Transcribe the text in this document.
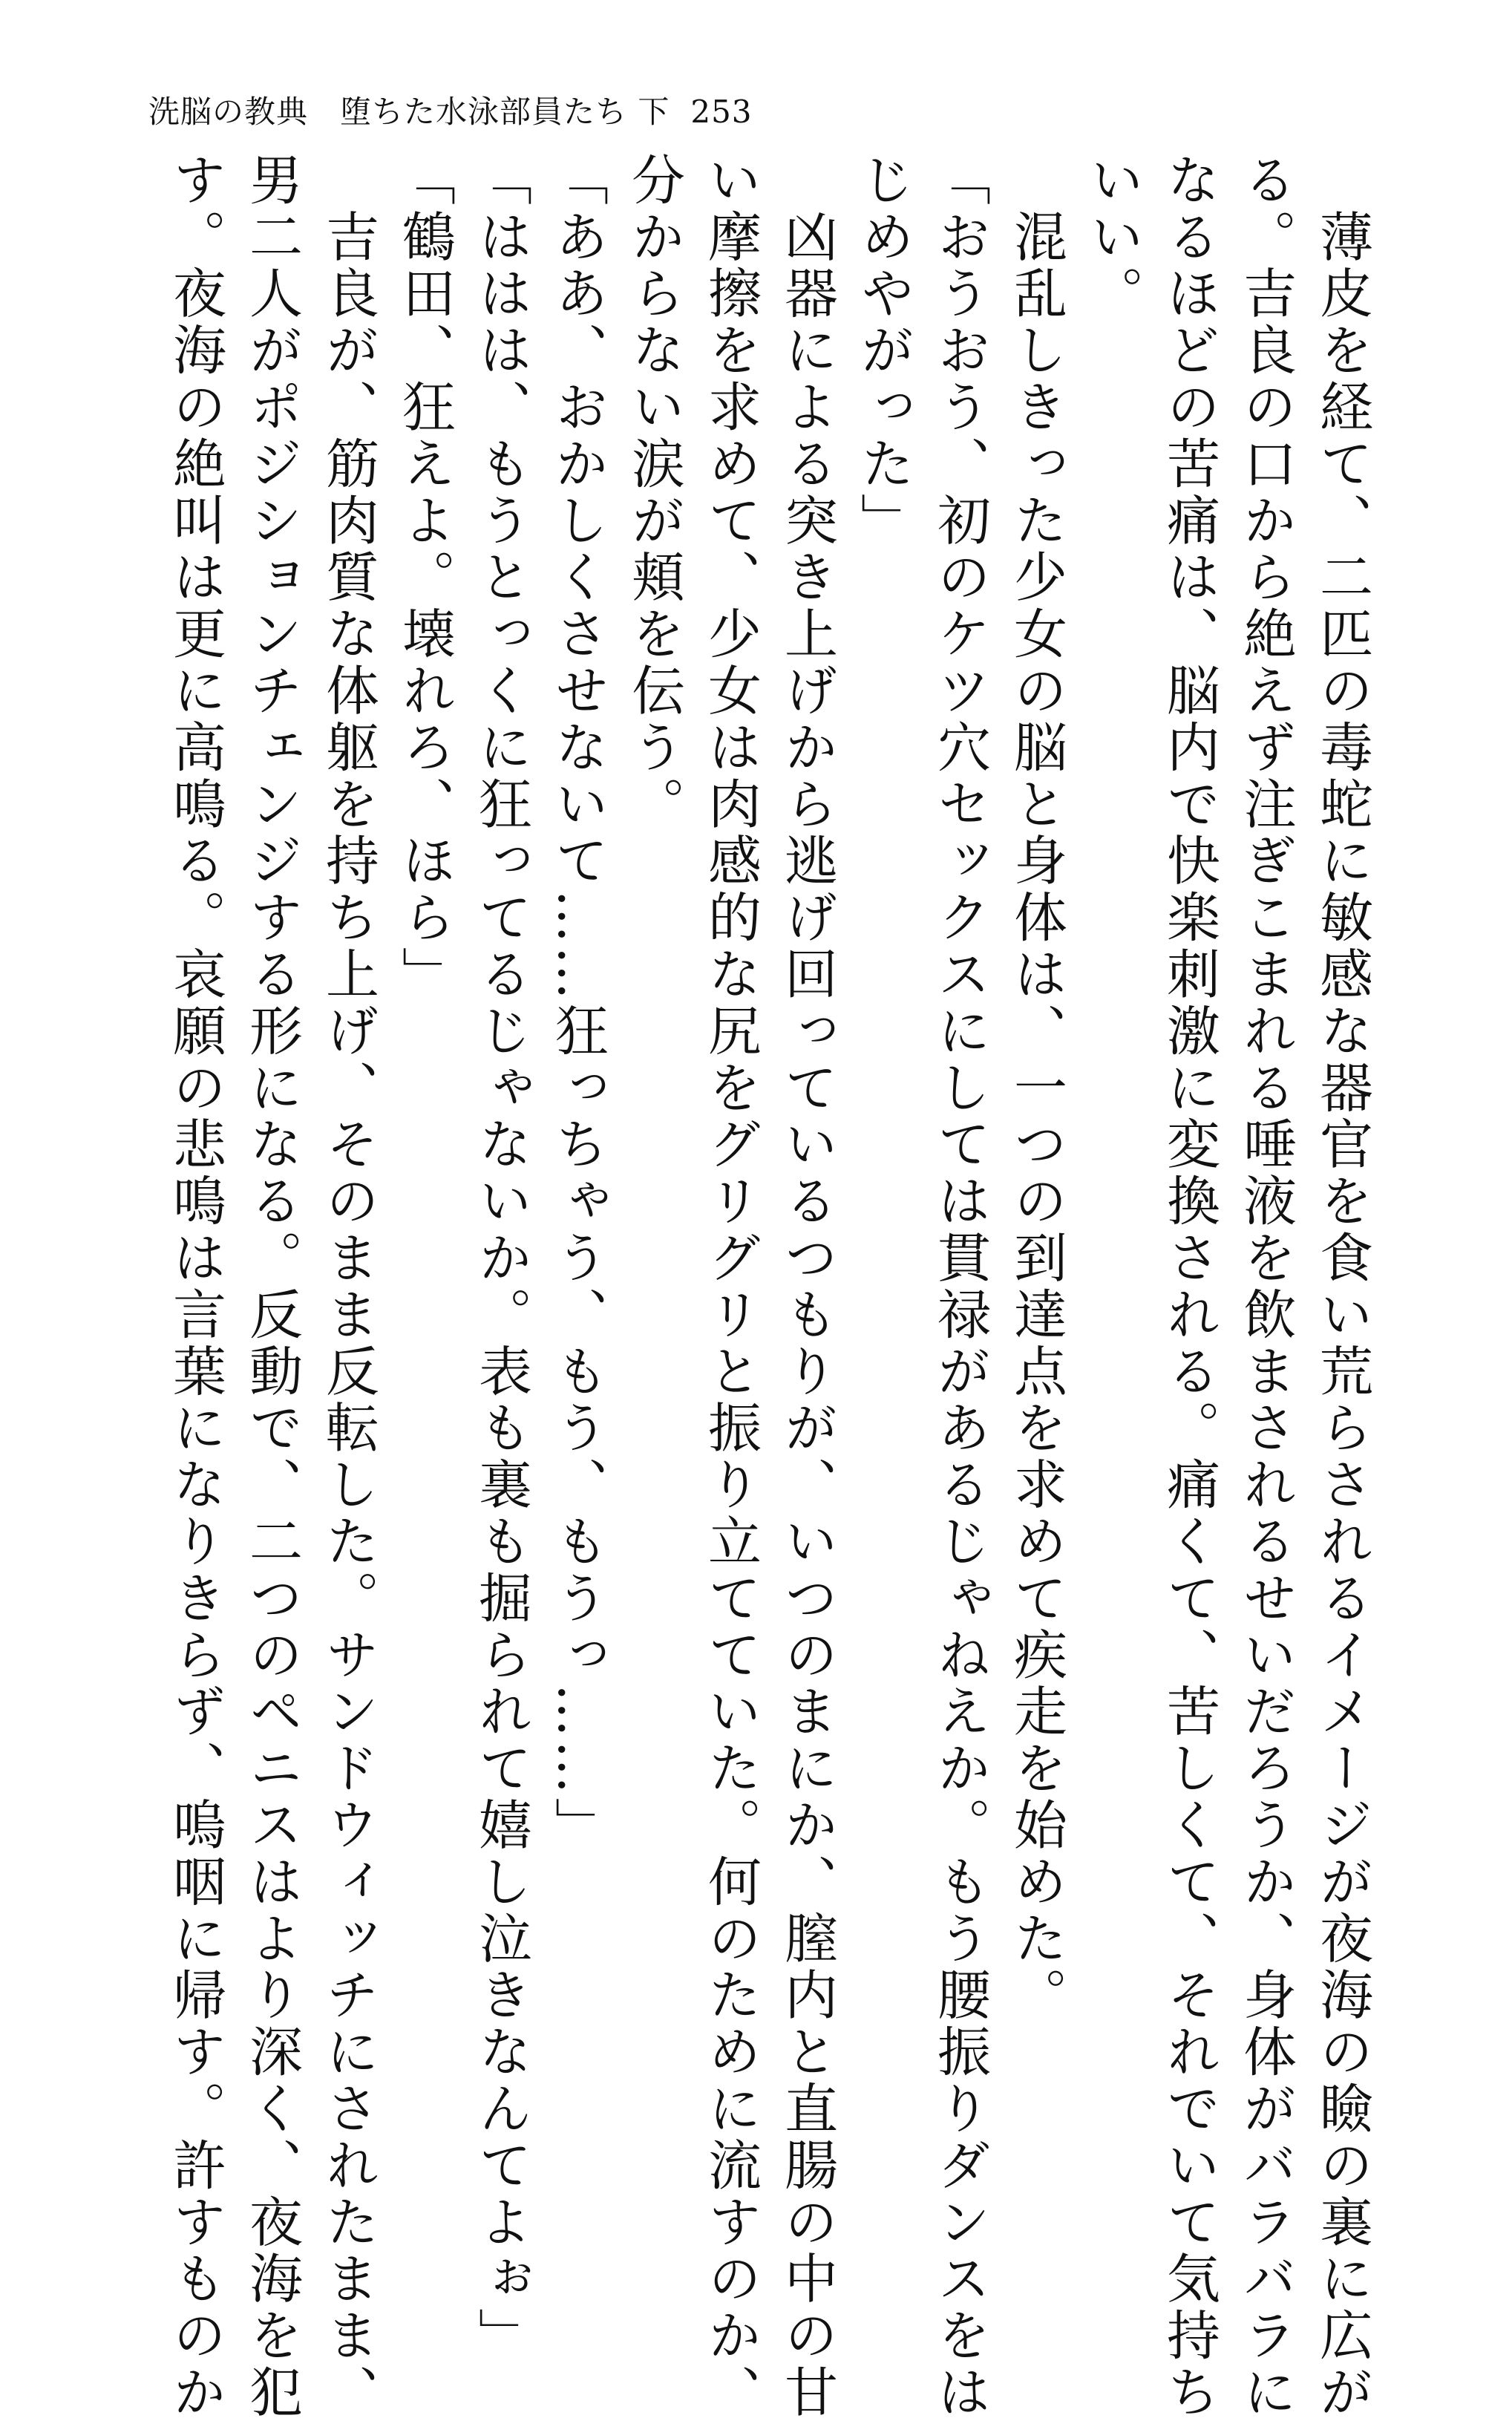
洗脳の教典　堕ちた水泳部員たち 下 253

　薄皮を経て、二匹の毒蛇に敏感な器官を食い荒らされるイメージが夜海の瞼の裏に広が

る。吉良の口から絶えず注ぎこまれる唾液を飲まされるせいだろうか、身体がバラバラに

なるほどの苦痛は、脳内で快楽刺激に変換される。痛くて、苦しくて、それでいて気持ち

いい。

　混乱しきった少女の脳と身体は、一つの到達点を求めて疾走を始めた。

「おうおう、初のケツ穴セックスにしては貫禄があるじゃねえか。もう腰振りダンスをは

じめやがった」

　凶器による突き上げから逃げ回っているつもりが、いつのまにか、膣内と直腸の中の甘

い摩擦を求めて、少女は肉感的な尻をグリグリと振り立てていた。何のために流すのか、

分からない涙が頬を伝う。

「ああ、おかしくさせないて……狂っちゃう、もう、もうっ……」

「ははは、もうとっくに狂ってるじゃないか。表も裏も掘られて嬉し泣きなんてよぉ」

「鶴田、狂えよ。壊れろ、ほら」

　吉良が、筋肉質な体躯を持ち上げ、そのまま反転した。サンドウィッチにされたまま、

男二人がポジションチェンジする形になる。反動で、二つのペニスはより深く、夜海を犯

す。夜海の絶叫は更に高鳴る。哀願の悲鳴は言葉になりきらず、嗚咽に帰す。許すものか
